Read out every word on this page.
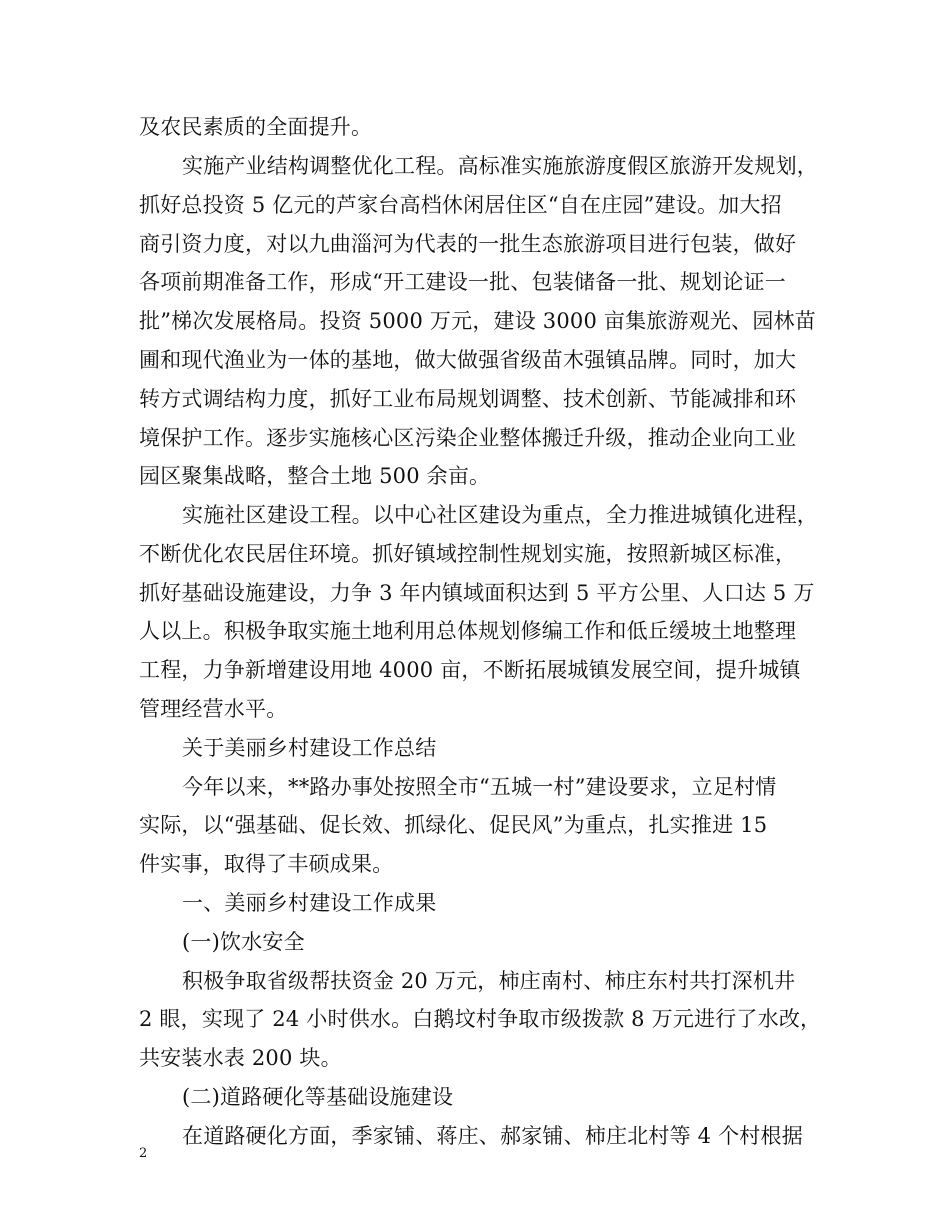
及农民素质的全面提升。
实施产业结构调整优化工程。高标准实施旅游度假区旅游开发规划，
抓好总投资 5 亿元的芦家台高档休闲居住区“自在庄园”建设。加大招
商引资力度，对以九曲淄河为代表的一批生态旅游项目进行包装，做好
各项前期准备工作，形成“开工建设一批、包装储备一批、规划论证一
批”梯次发展格局。投资 5000 万元，建设 3000 亩集旅游观光、园林苗
圃和现代渔业为一体的基地，做大做强省级苗木强镇品牌。同时，加大
转方式调结构力度，抓好工业布局规划调整、技术创新、节能减排和环
境保护工作。逐步实施核心区污染企业整体搬迁升级，推动企业向工业
园区聚集战略，整合土地 500 余亩。
实施社区建设工程。以中心社区建设为重点，全力推进城镇化进程，
不断优化农民居住环境。抓好镇域控制性规划实施，按照新城区标准，
抓好基础设施建设，力争 3 年内镇域面积达到 5 平方公里、人口达 5 万
人以上。积极争取实施土地利用总体规划修编工作和低丘缓坡土地整理
工程，力争新增建设用地 4000 亩，不断拓展城镇发展空间，提升城镇
管理经营水平。
关于美丽乡村建设工作总结
今年以来，**路办事处按照全市“五城一村”建设要求，立足村情
实际，以“强基础、促长效、抓绿化、促民风”为重点，扎实推进 15
件实事，取得了丰硕成果。
一、美丽乡村建设工作成果
(一)饮水安全
积极争取省级帮扶资金 20 万元，柿庄南村、柿庄东村共打深机井
2 眼，实现了 24 小时供水。白鹅坟村争取市级拨款 8 万元进行了水改，
共安装水表 200 块。
(二)道路硬化等基础设施建设
在道路硬化方面，季家铺、蒋庄、郝家铺、柿庄北村等 4 个村根据
2
